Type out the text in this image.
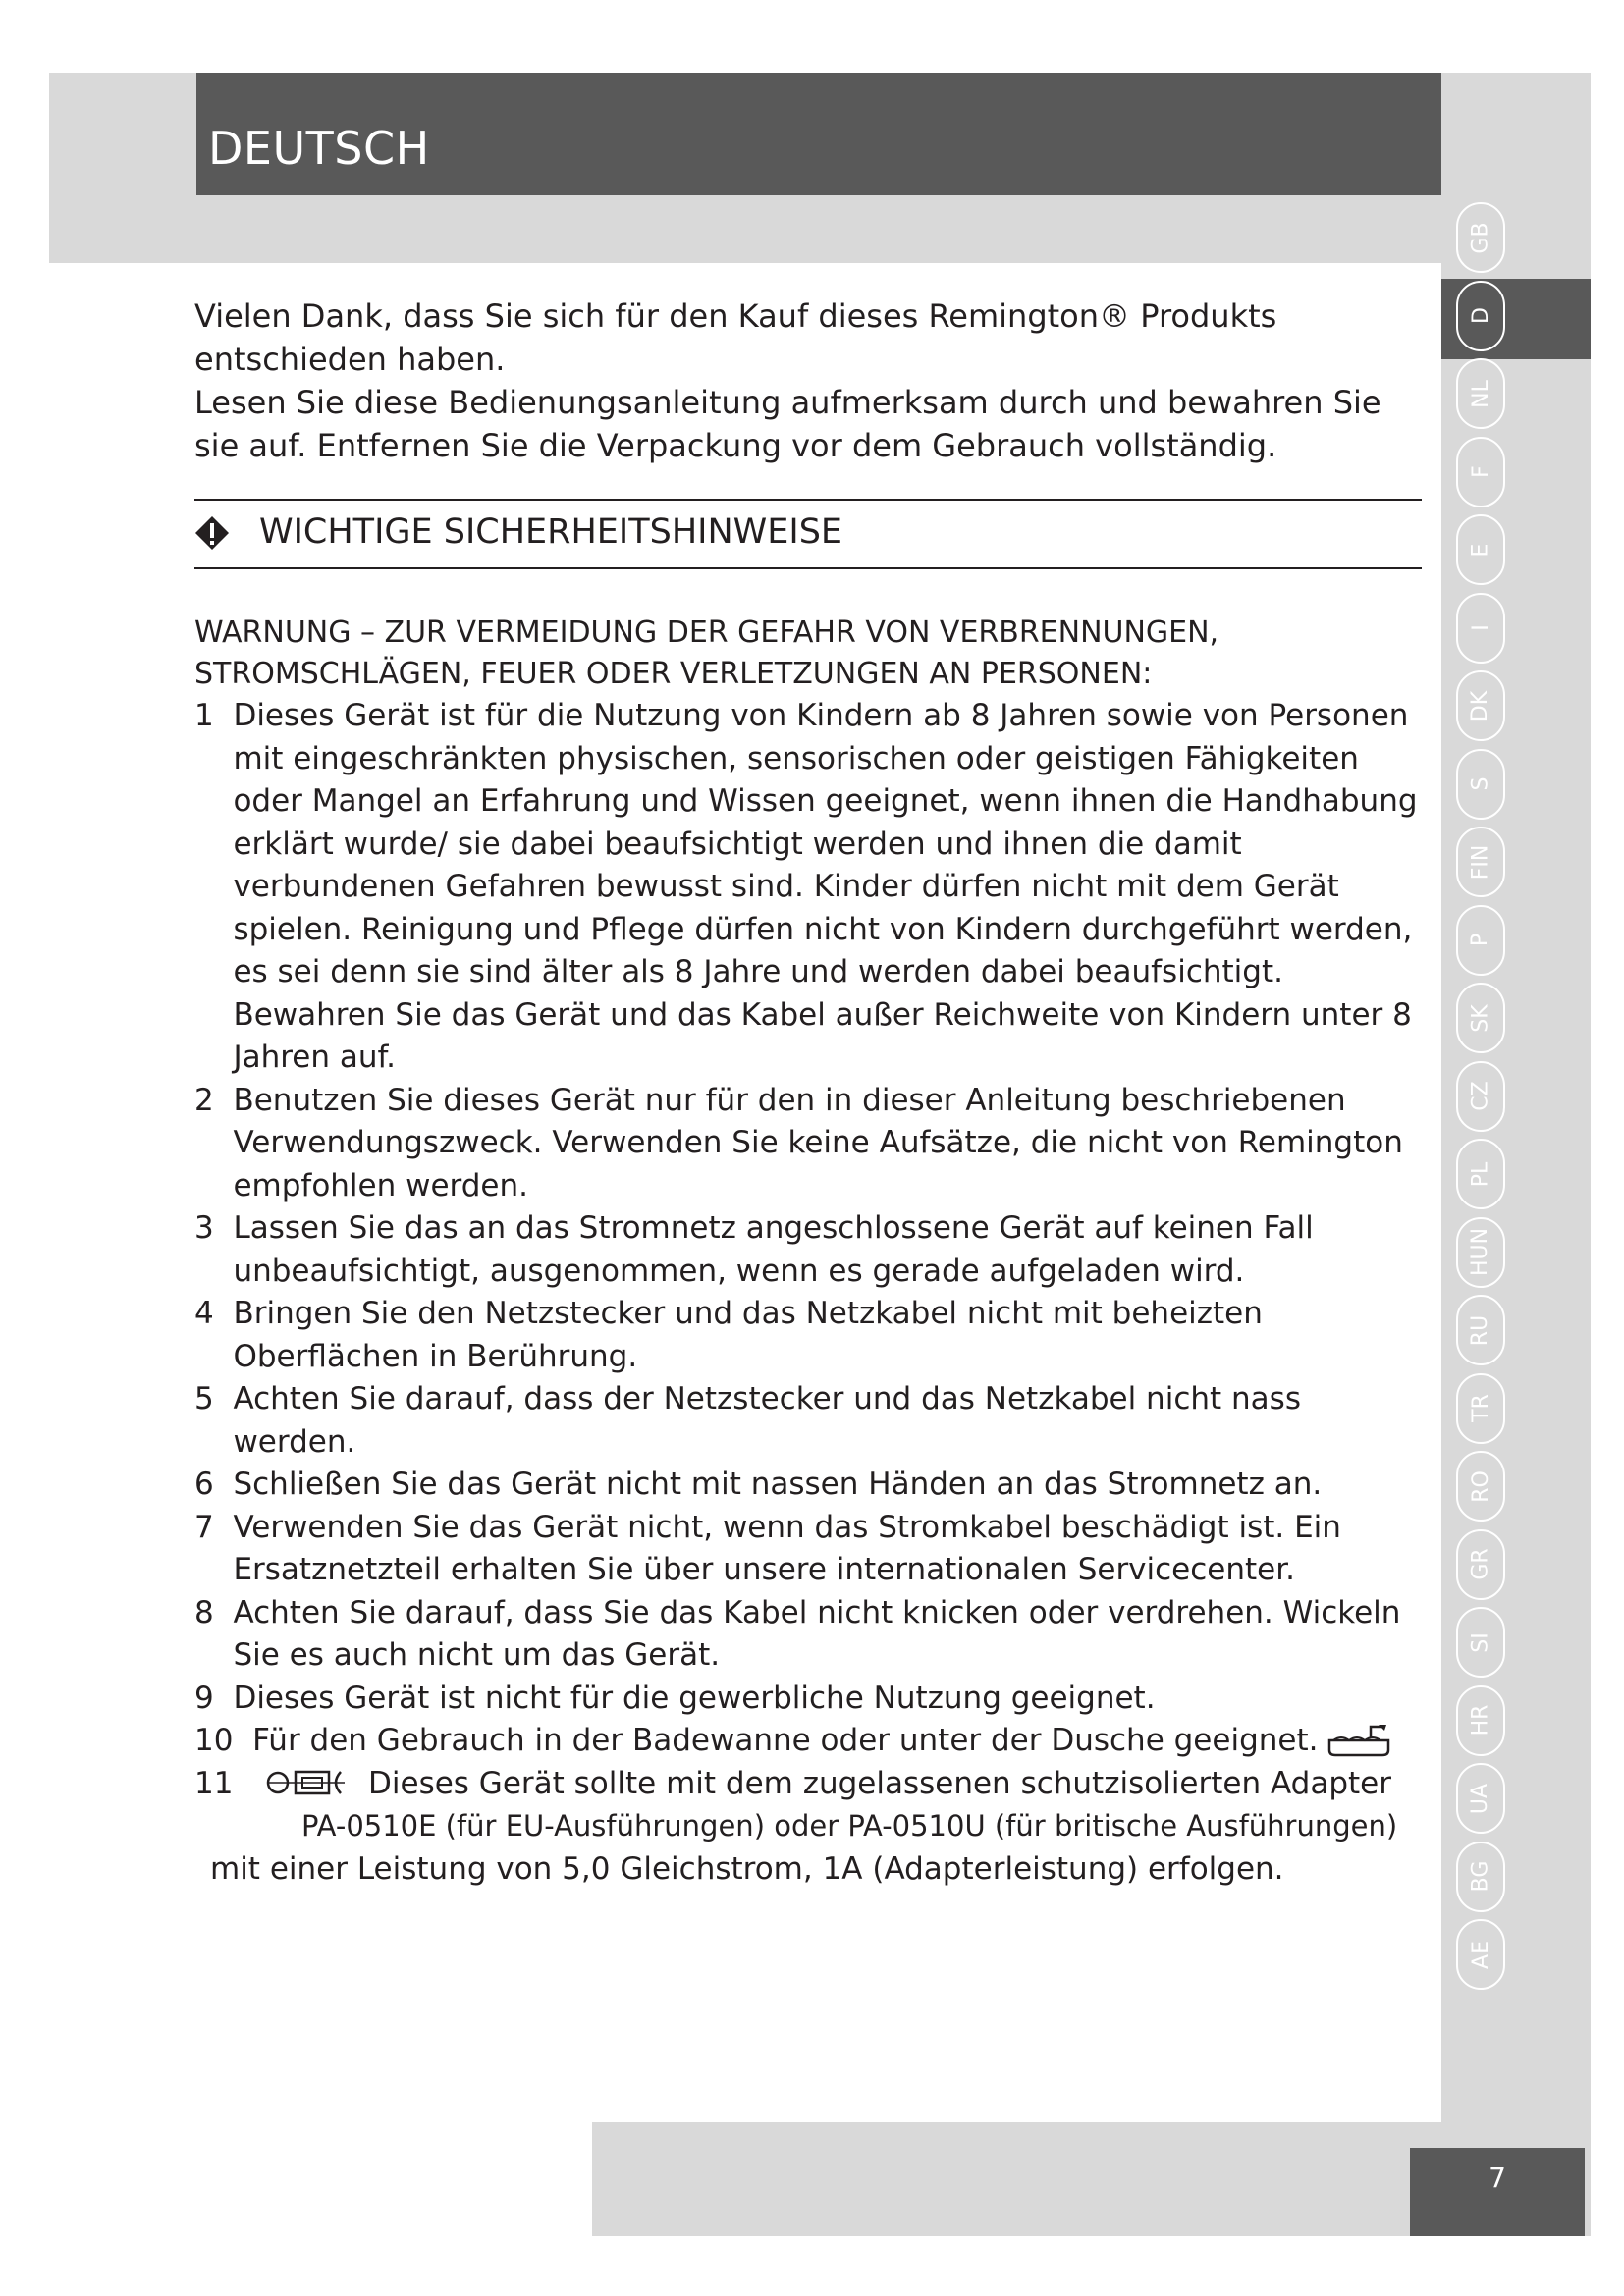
DEUTSCH
GB
D
NL
F
E
I
DK
S
FIN
P
SK
CZ
PL
HUN
RU
TR
RO
GR
SI
HR
UA
BG
AE

Vielen Dank, dass Sie sich für den Kauf dieses Remington® Produkts entschieden haben.

Lesen Sie diese Bedienungsanleitung aufmerksam durch und bewahren Sie sie auf. Entfernen Sie die Verpackung vor dem Gebrauch vollständig.

WICHTIGE SICHERHEITSHINWEISE
WARNUNG – ZUR VERMEIDUNG DER GEFAHR VON VERBRENNUNGEN, STROMSCHLÄGEN, FEUER ODER VERLETZUNGEN AN PERSONEN:
1
Dieses Gerät ist für die Nutzung von Kindern ab 8 Jahren sowie von Personen mit eingeschränkten physischen, sensorischen oder geistigen Fähigkeiten oder Mangel an Erfahrung und Wissen geeignet, wenn ihnen die Handhabung erklärt wurde/ sie dabei beaufsichtigt werden und ihnen die damit verbundenen Gefahren bewusst sind. Kinder dürfen nicht mit dem Gerät spielen. Reinigung und Pflege dürfen nicht von Kindern durchgeführt werden, es sei denn sie sind älter als 8 Jahre und werden dabei beaufsichtigt. Bewahren Sie das Gerät und das Kabel außer Reichweite von Kindern unter 8 Jahren auf.

2
Benutzen Sie dieses Gerät nur für den in dieser Anleitung beschriebenen Verwendungszweck. Verwenden Sie keine Aufsätze, die nicht von Remington empfohlen werden.

3
Lassen Sie das an das Stromnetz angeschlossene Gerät auf keinen Fall unbeaufsichtigt, ausgenommen, wenn es gerade aufgeladen wird.

4
Bringen Sie den Netzstecker und das Netzkabel nicht mit beheizten Oberflächen in Berührung.

5
Achten Sie darauf, dass der Netzstecker und das Netzkabel nicht nass werden.

6
Schließen Sie das Gerät nicht mit nassen Händen an das Stromnetz an.

7
Verwenden Sie das Gerät nicht, wenn das Stromkabel beschädigt ist. Ein Ersatznetzteil erhalten Sie über unsere internationalen Servicecenter.

8
Achten Sie darauf, dass Sie das Kabel nicht knicken oder verdrehen. Wickeln Sie es auch nicht um das Gerät.

9
Dieses Gerät ist nicht für die gewerbliche Nutzung geeignet.

10
Für den Gebrauch in der Badewanne oder unter der Dusche geeignet.

11
	Dieses Gerät sollte mit dem zugelassenen schutzisolierten Adapter

PA-0510E (für EU-Ausführungen) oder PA-0510U (für britische Ausführungen)

mit einer Leistung von 5,0 Gleichstrom, 1A (Adapterleistung) erfolgen.

7
